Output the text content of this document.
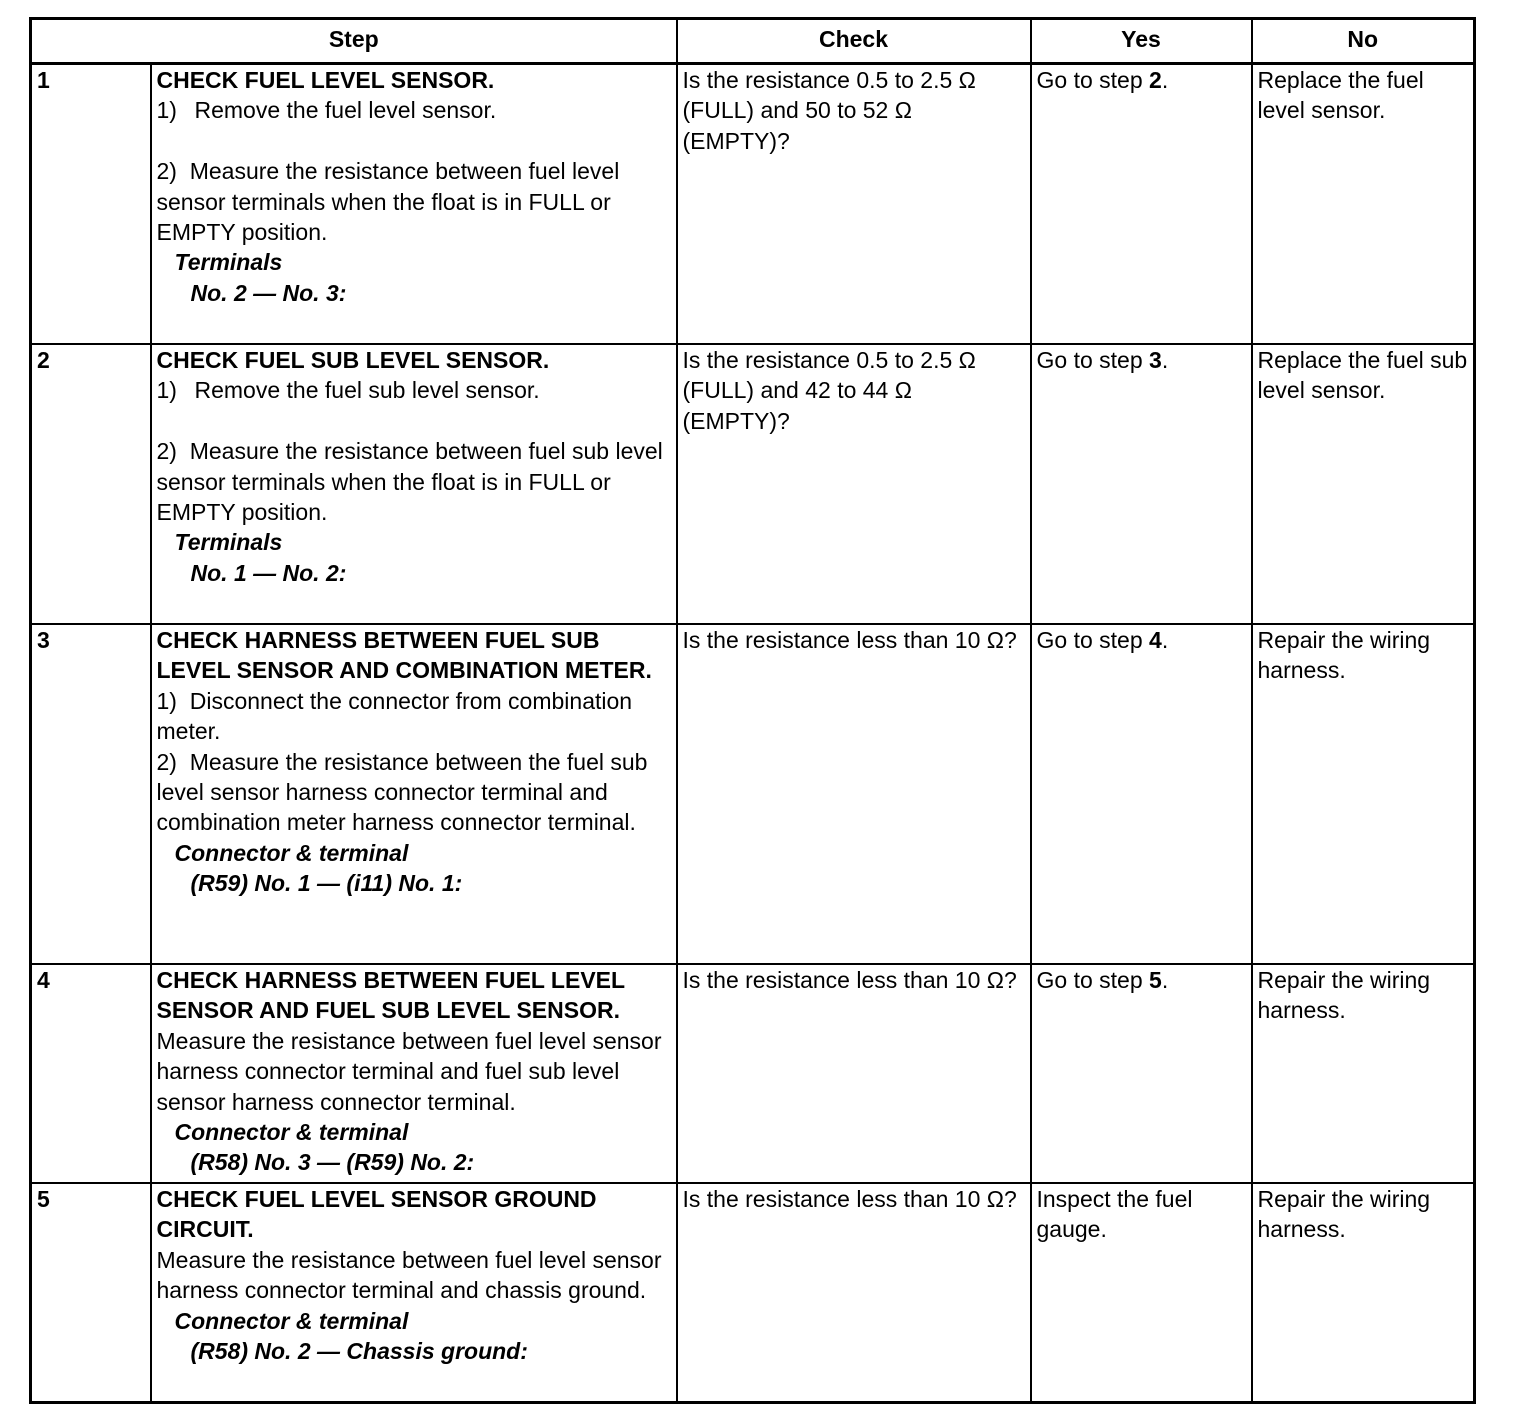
Step		Check	Yes	No
1	CHECK FUEL LEVEL SENSOR.
1) Remove the fuel level sensor.
2) Measure the resistance between fuel level sensor terminals when the float is in FULL or EMPTY position.
Terminals
No. 2 — No. 3:	Is the resistance 0.5 to 2.5 Ω (FULL) and 50 to 52 Ω (EMPTY)?	Go to step 2.	Replace the fuel level sensor.
2	CHECK FUEL SUB LEVEL SENSOR.
1) Remove the fuel sub level sensor.
2) Measure the resistance between fuel sub level sensor terminals when the float is in FULL or EMPTY position.
Terminals
No. 1 — No. 2:	Is the resistance 0.5 to 2.5 Ω (FULL) and 42 to 44 Ω (EMPTY)?	Go to step 3.	Replace the fuel sub level sensor.
3	CHECK HARNESS BETWEEN FUEL SUB LEVEL SENSOR AND COMBINATION METER.
1) Disconnect the connector from combination meter.
2) Measure the resistance between the fuel sub level sensor harness connector terminal and combination meter harness connector terminal.
Connector & terminal
(R59) No. 1 — (i11) No. 1:	Is the resistance less than 10 Ω?	Go to step 4.	Repair the wiring harness.
4	CHECK HARNESS BETWEEN FUEL LEVEL SENSOR AND FUEL SUB LEVEL SENSOR.
Measure the resistance between fuel level sensor harness connector terminal and fuel sub level sensor harness connector terminal.
Connector & terminal
(R58) No. 3 — (R59) No. 2:	Is the resistance less than 10 Ω?	Go to step 5.	Repair the wiring harness.
5	CHECK FUEL LEVEL SENSOR GROUND CIRCUIT.
Measure the resistance between fuel level sensor harness connector terminal and chassis ground.
Connector & terminal
(R58) No. 2 — Chassis ground:	Is the resistance less than 10 Ω?	Inspect the fuel gauge.	Repair the wiring harness.
